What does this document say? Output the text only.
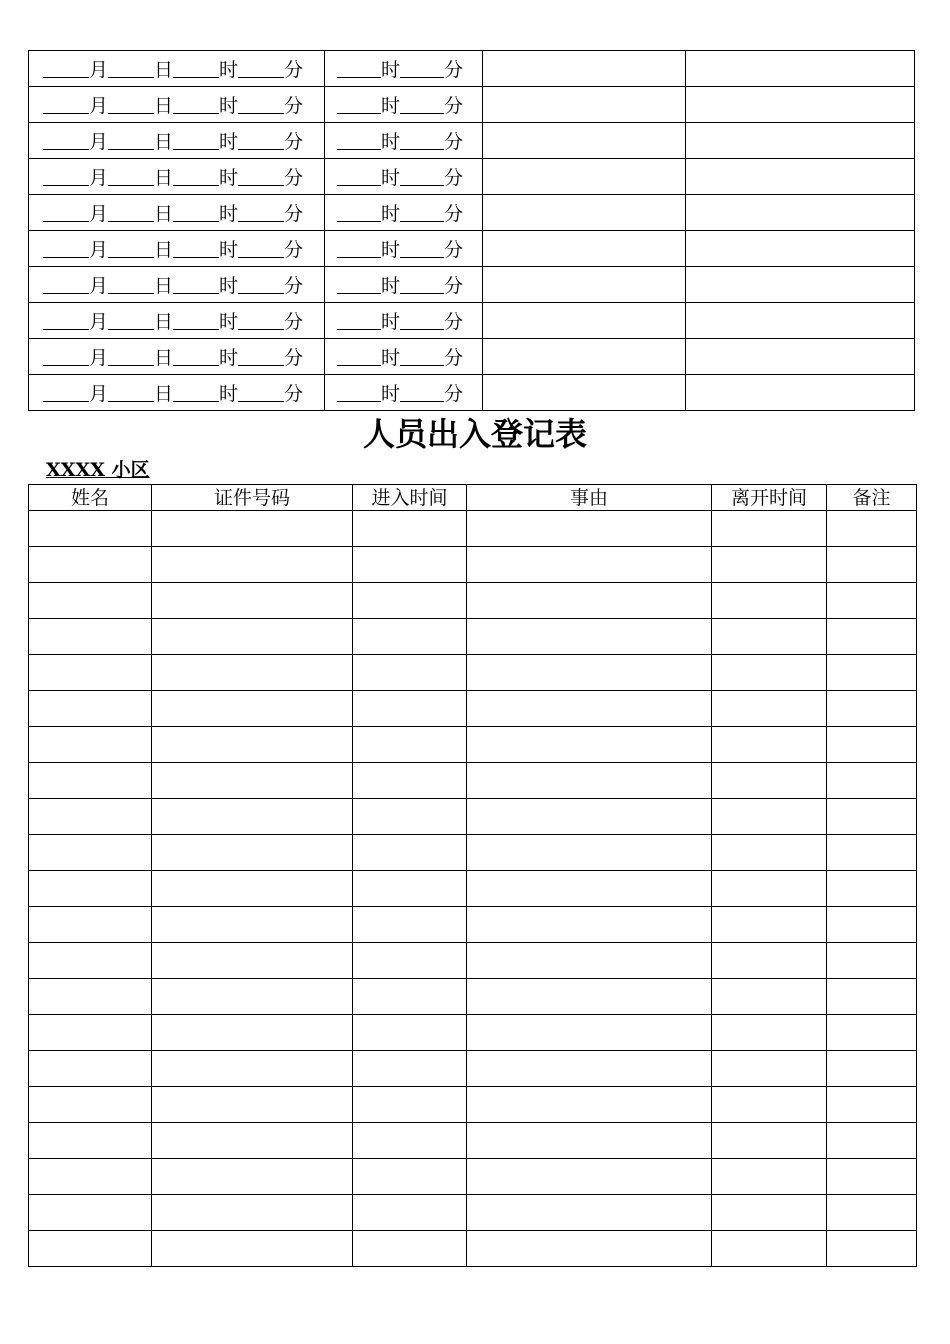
月 日 时 分	时 分		
月 日 时 分	时 分		
月 日 时 分	时 分		
月 日 时 分	时 分		
月 日 时 分	时 分		
月 日 时 分	时 分		
月 日 时 分	时 分		
月 日 时 分	时 分		
月 日 时 分	时 分		
月 日 时 分	时 分		
人员出入登记表
XXXX 小区
姓名	证件号码	进入时间	事由	离开时间	备注
